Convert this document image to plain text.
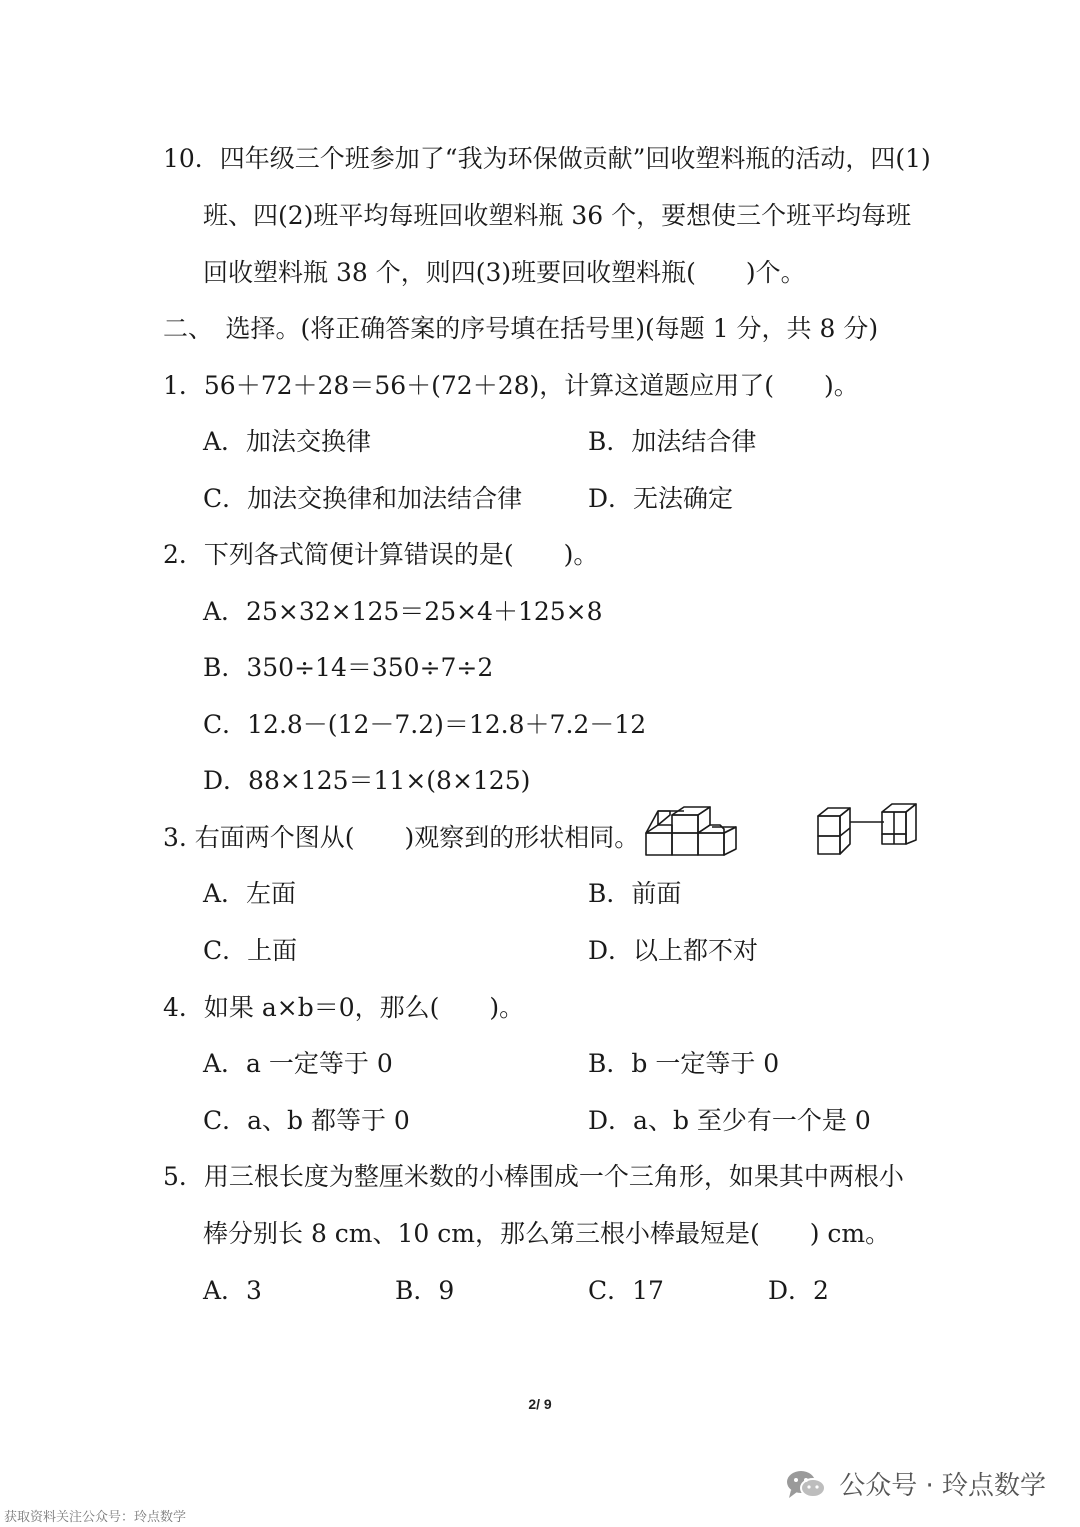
10．四年级三个班参加了“我为环保做贡献”回收塑料瓶的活动，四(1)
班、四(2)班平均每班回收塑料瓶 36 个，要想使三个班平均每班
回收塑料瓶 38 个，则四(3)班要回收塑料瓶(　　)个。
二、　选择。(将正确答案的序号填在括号里)(每题 1 分，共 8 分)
1．56＋72＋28＝56＋(72＋28)，计算这道题应用了(　　)。
A．加法交换律	B．加法结合律
C．加法交换律和加法结合律	D．无法确定
2．下列各式简便计算错误的是(　　)。
A．25×32×125＝25×4＋125×8
B．350÷14＝350÷7÷2
C．12.8－(12－7.2)＝12.8＋7.2－12
D．88×125＝11×(8×125)
3. 右面两个图从(　　)观察到的形状相同。
A．左面	B．前面
C．上面	D．以上都不对
4．如果 a×b＝0，那么(　　)。
A．a 一定等于 0	B．b 一定等于 0
C．a、b 都等于 0	D．a、b 至少有一个是 0
5．用三根长度为整厘米数的小棒围成一个三角形，如果其中两根小
棒分别长 8 cm、10 cm，那么第三根小棒最短是(　　) cm。
A．3	B．9	C．17	D．2
2/ 9
公众号 · 玲点数学
获取资料关注公众号：玲点数学
